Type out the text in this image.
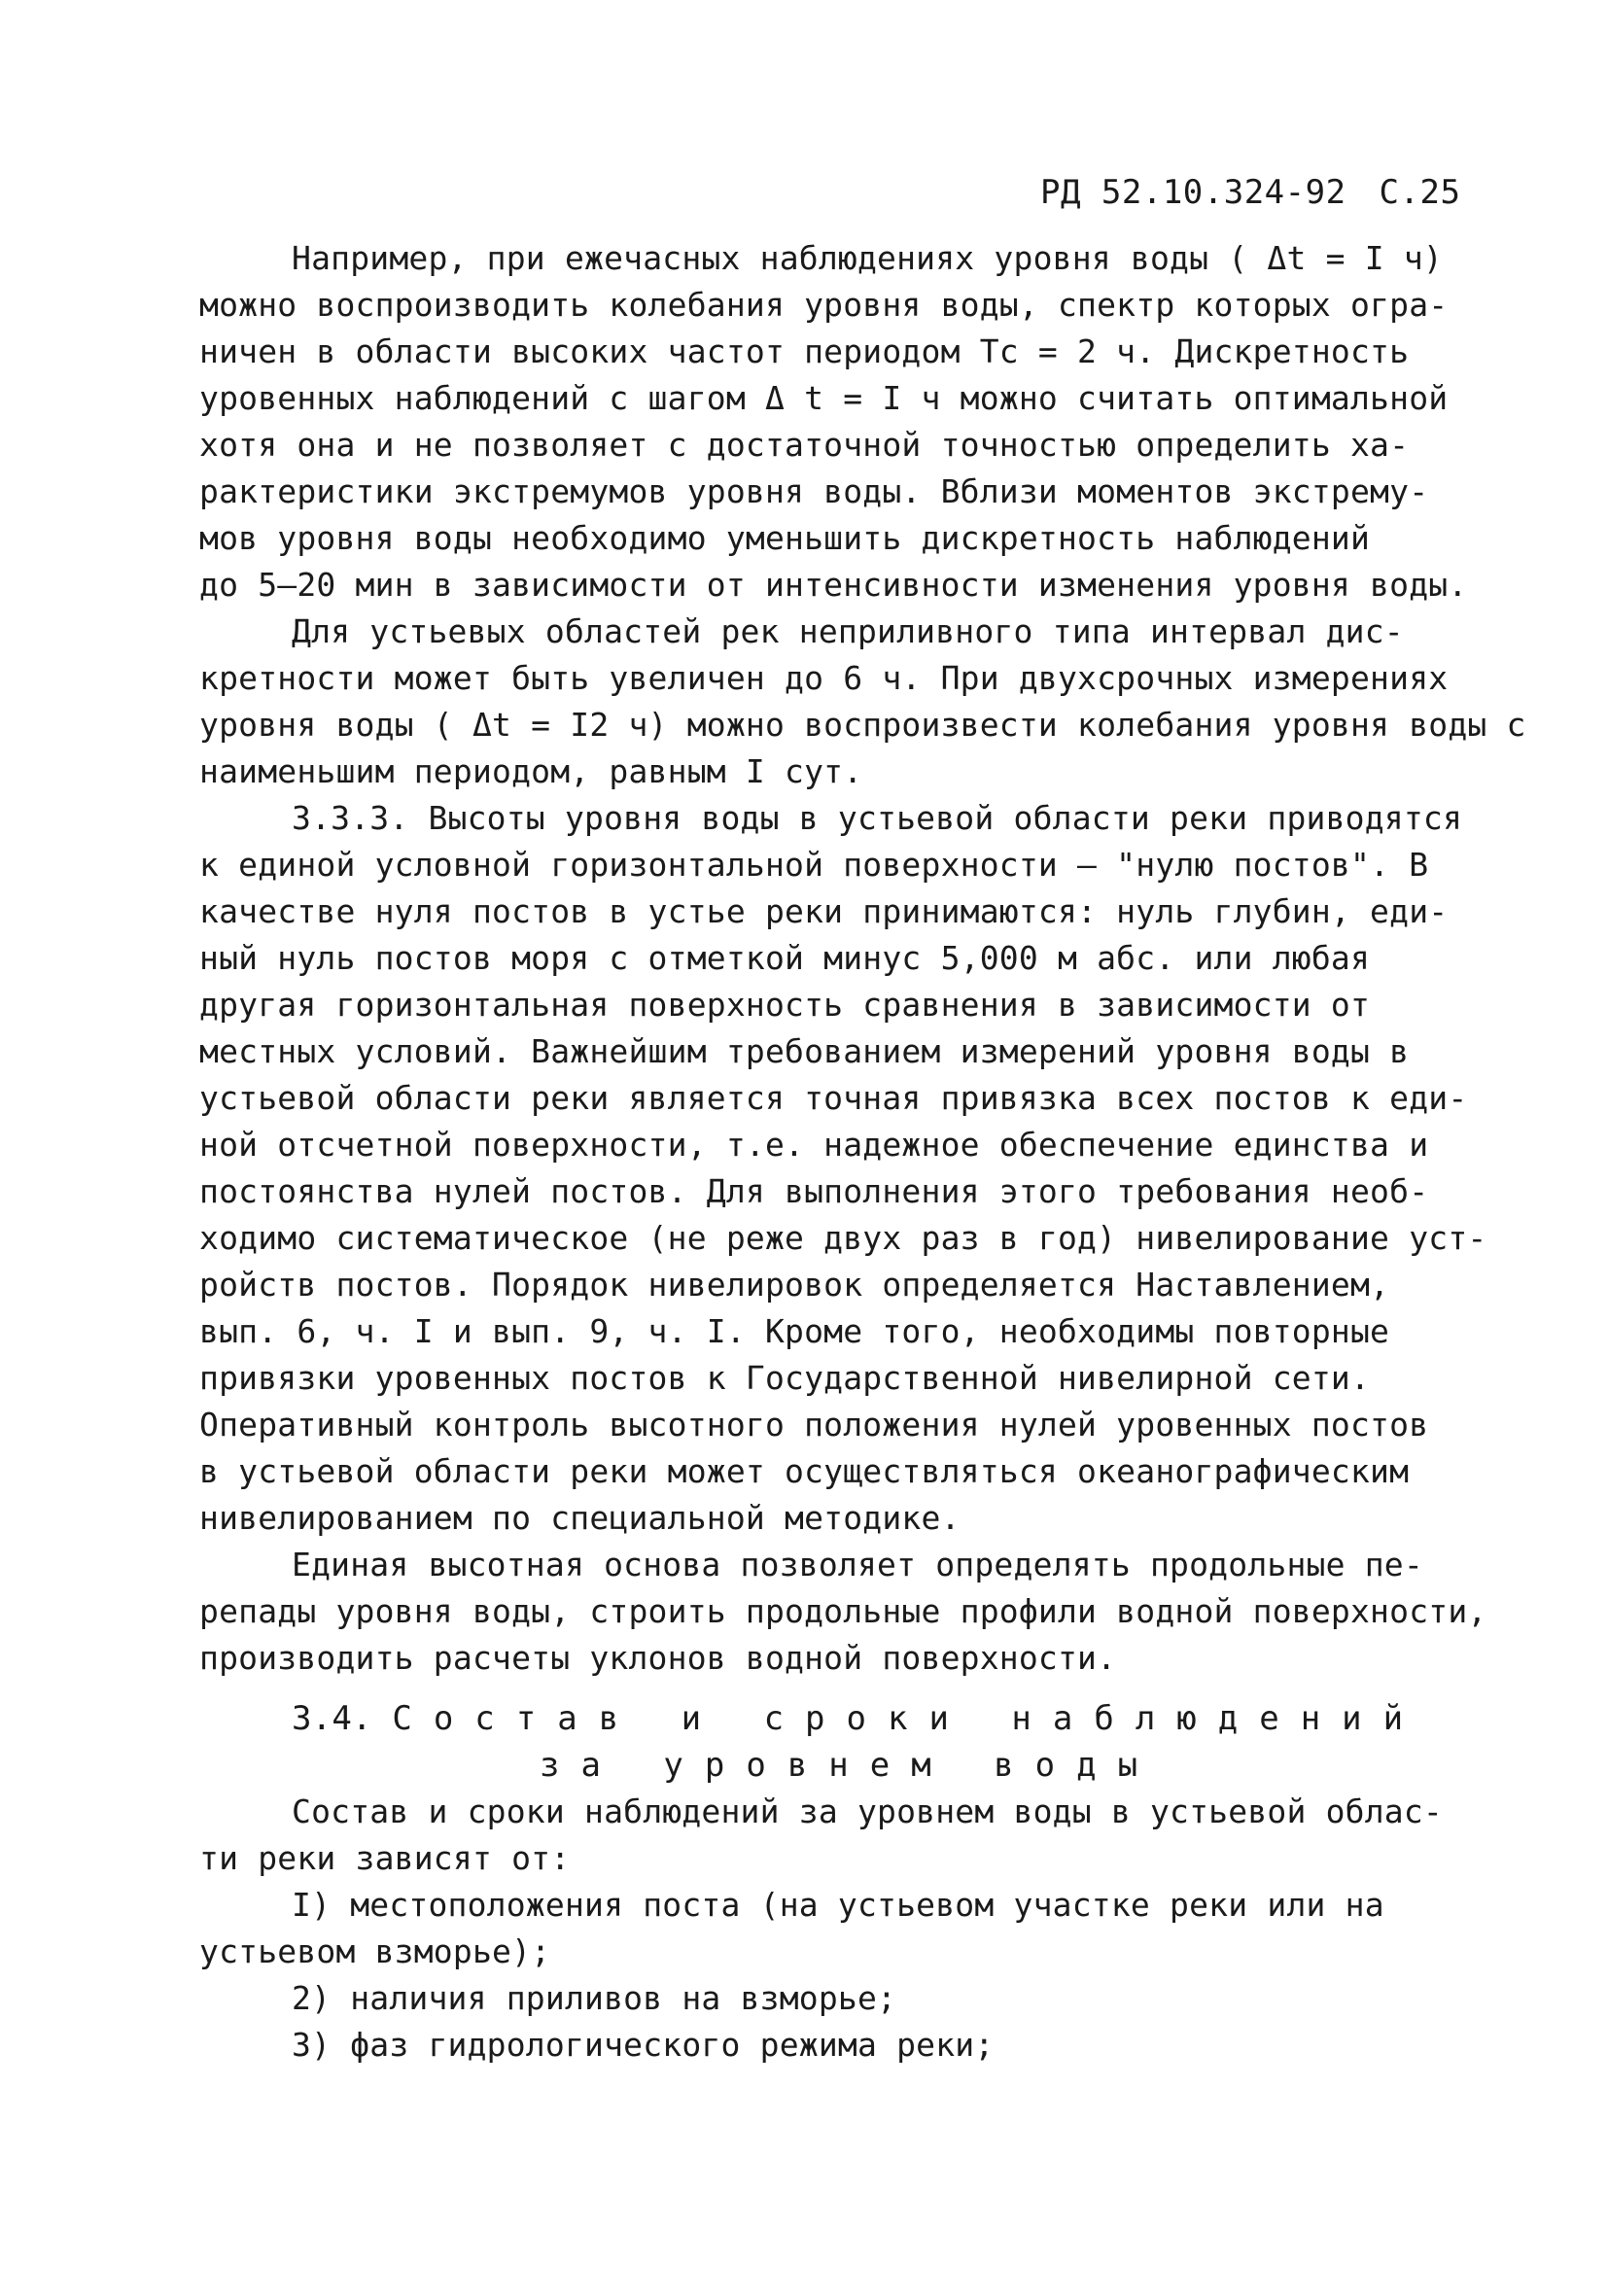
РД 52.10.324-92 С.25
Например, при ежечасных наблюдениях уровня воды ( Δt = I ч)
можно воспроизводить колебания уровня воды, спектр которых огра-
ничен в области высоких частот периодом Tc = 2 ч. Дискретность
уровенных наблюдений с шагом Δ t = I ч можно считать оптимальной
хотя она и не позволяет с достаточной точностью определить ха-
рактеристики экстремумов уровня воды. Вблизи моментов экстрему-
мов уровня воды необходимо уменьшить дискретность наблюдений
до 5–20 мин в зависимости от интенсивности изменения уровня воды.
Для устьевых областей рек неприливного типа интервал дис-
кретности может быть увеличен до 6 ч. При двухсрочных измерениях
уровня воды ( Δt = I2 ч) можно воспроизвести колебания уровня воды с
наименьшим периодом, равным I сут.
3.3.3. Высоты уровня воды в устьевой области реки приводятся
к единой условной горизонтальной поверхности – "нулю постов". В
качестве нуля постов в устье реки принимаются: нуль глубин, еди-
ный нуль постов моря с отметкой минус 5,000 м абс. или любая
другая горизонтальная поверхность сравнения в зависимости от
местных условий. Важнейшим требованием измерений уровня воды в
устьевой области реки является точная привязка всех постов к еди-
ной отсчетной поверхности, т.е. надежное обеспечение единства и
постоянства нулей постов. Для выполнения этого требования необ-
ходимо систематическое (не реже двух раз в год) нивелирование уст-
ройств постов. Порядок нивелировок определяется Наставлением,
вып. 6, ч. I и вып. 9, ч. I. Кроме того, необходимы повторные
привязки уровенных постов к Государственной нивелирной сети.
Оперативный контроль высотного положения нулей уровенных постов
в устьевой области реки может осуществляться океанографическим
нивелированием по специальной методике.
Единая высотная основа позволяет определять продольные пе-
репады уровня воды, строить продольные профили водной поверхности,
производить расчеты уклонов водной поверхности.
3.4. Состав и сроки наблюдений
за уровнем воды
Состав и сроки наблюдений за уровнем воды в устьевой облас-
ти реки зависят от:
I) местоположения поста (на устьевом участке реки или на
устьевом взморье);
2) наличия приливов на взморье;
3) фаз гидрологического режима реки;
